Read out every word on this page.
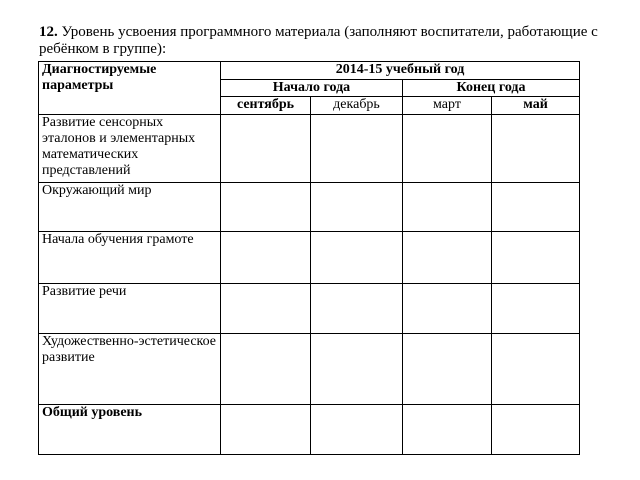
12. Уровень усвоения программного материала (заполняют воспитатели, работающие с ребёнком в группе):
Диагностируемые параметры	2014-15 учебный год			
	Начало года		Конец года	
	сентябрь	декабрь	март	май
Развитие сенсорных эталонов и элементарных математических представлений				
Окружающий мир				
Начала обучения грамоте				
Развитие речи				
Художественно-эстетическое развитие				
Общий уровень				
